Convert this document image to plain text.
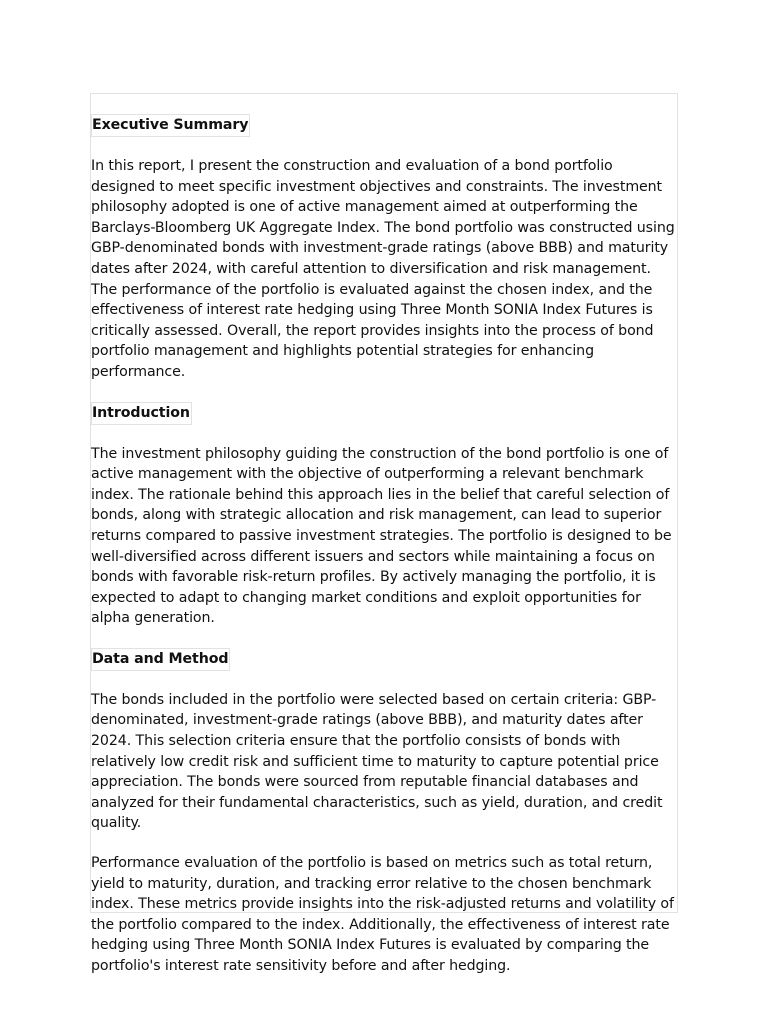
Executive Summary

In this report, I present the construction and evaluation of a bond portfolio designed to meet specific investment objectives and constraints. The investment philosophy adopted is one of active management aimed at outperforming the Barclays-Bloomberg UK Aggregate Index. The bond portfolio was constructed using GBP-denominated bonds with investment-grade ratings (above BBB) and maturity dates after 2024, with careful attention to diversification and risk management. The performance of the portfolio is evaluated against the chosen index, and the effectiveness of interest rate hedging using Three Month SONIA Index Futures is critically assessed. Overall, the report provides insights into the process of bond portfolio management and highlights potential strategies for enhancing performance.

Introduction

The investment philosophy guiding the construction of the bond portfolio is one of active management with the objective of outperforming a relevant benchmark index. The rationale behind this approach lies in the belief that careful selection of bonds, along with strategic allocation and risk management, can lead to superior returns compared to passive investment strategies. The portfolio is designed to be well-diversified across different issuers and sectors while maintaining a focus on bonds with favorable risk-return profiles. By actively managing the portfolio, it is expected to adapt to changing market conditions and exploit opportunities for alpha generation.

Data and Method

The bonds included in the portfolio were selected based on certain criteria: GBP-denominated, investment-grade ratings (above BBB), and maturity dates after 2024. This selection criteria ensure that the portfolio consists of bonds with relatively low credit risk and sufficient time to maturity to capture potential price appreciation. The bonds were sourced from reputable financial databases and analyzed for their fundamental characteristics, such as yield, duration, and credit quality.

Performance evaluation of the portfolio is based on metrics such as total return, yield to maturity, duration, and tracking error relative to the chosen benchmark index. These metrics provide insights into the risk-adjusted returns and volatility of the portfolio compared to the index. Additionally, the effectiveness of interest rate hedging using Three Month SONIA Index Futures is evaluated by comparing the portfolio's interest rate sensitivity before and after hedging.
